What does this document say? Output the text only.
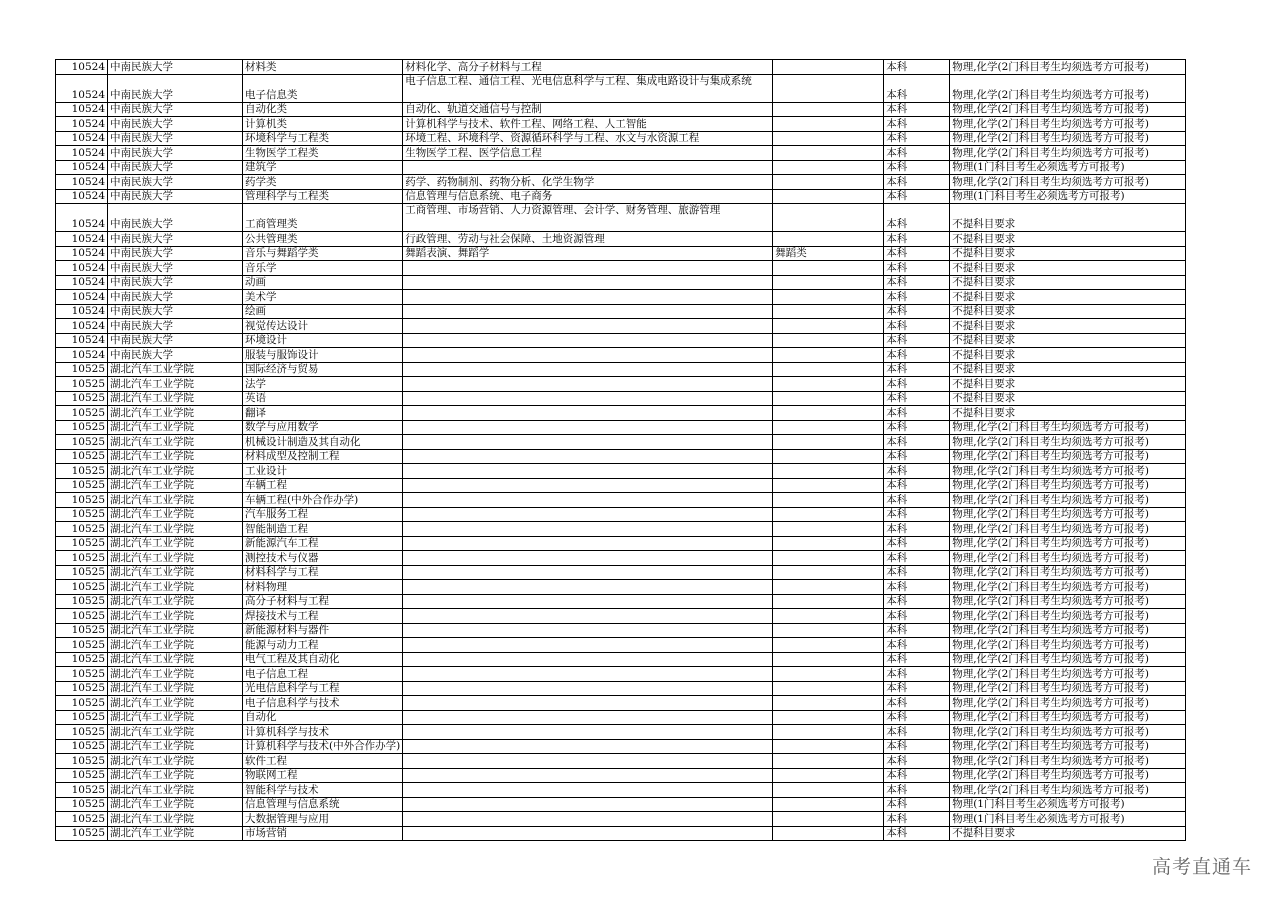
10524	中南民族大学	材料类	材料化学、高分子材料与工程		本科	物理,化学(2门科目考生均须选考方可报考)
10524	中南民族大学	电子信息类	电子信息工程、通信工程、光电信息科学与工程、集成电路设计与集成系统		本科	物理,化学(2门科目考生均须选考方可报考)
10524	中南民族大学	自动化类	自动化、轨道交通信号与控制		本科	物理,化学(2门科目考生均须选考方可报考)
10524	中南民族大学	计算机类	计算机科学与技术、软件工程、网络工程、人工智能		本科	物理,化学(2门科目考生均须选考方可报考)
10524	中南民族大学	环境科学与工程类	环境工程、环境科学、资源循环科学与工程、水文与水资源工程		本科	物理,化学(2门科目考生均须选考方可报考)
10524	中南民族大学	生物医学工程类	生物医学工程、医学信息工程		本科	物理,化学(2门科目考生均须选考方可报考)
10524	中南民族大学	建筑学			本科	物理(1门科目考生必须选考方可报考)
10524	中南民族大学	药学类	药学、药物制剂、药物分析、化学生物学		本科	物理,化学(2门科目考生均须选考方可报考)
10524	中南民族大学	管理科学与工程类	信息管理与信息系统、电子商务		本科	物理(1门科目考生必须选考方可报考)
10524	中南民族大学	工商管理类	工商管理、市场营销、人力资源管理、会计学、财务管理、旅游管理		本科	不提科目要求
10524	中南民族大学	公共管理类	行政管理、劳动与社会保障、土地资源管理		本科	不提科目要求
10524	中南民族大学	音乐与舞蹈学类	舞蹈表演、舞蹈学	舞蹈类	本科	不提科目要求
10524	中南民族大学	音乐学			本科	不提科目要求
10524	中南民族大学	动画			本科	不提科目要求
10524	中南民族大学	美术学			本科	不提科目要求
10524	中南民族大学	绘画			本科	不提科目要求
10524	中南民族大学	视觉传达设计			本科	不提科目要求
10524	中南民族大学	环境设计			本科	不提科目要求
10524	中南民族大学	服装与服饰设计			本科	不提科目要求
10525	湖北汽车工业学院	国际经济与贸易			本科	不提科目要求
10525	湖北汽车工业学院	法学			本科	不提科目要求
10525	湖北汽车工业学院	英语			本科	不提科目要求
10525	湖北汽车工业学院	翻译			本科	不提科目要求
10525	湖北汽车工业学院	数学与应用数学			本科	物理,化学(2门科目考生均须选考方可报考)
10525	湖北汽车工业学院	机械设计制造及其自动化			本科	物理,化学(2门科目考生均须选考方可报考)
10525	湖北汽车工业学院	材料成型及控制工程			本科	物理,化学(2门科目考生均须选考方可报考)
10525	湖北汽车工业学院	工业设计			本科	物理,化学(2门科目考生均须选考方可报考)
10525	湖北汽车工业学院	车辆工程			本科	物理,化学(2门科目考生均须选考方可报考)
10525	湖北汽车工业学院	车辆工程(中外合作办学)			本科	物理,化学(2门科目考生均须选考方可报考)
10525	湖北汽车工业学院	汽车服务工程			本科	物理,化学(2门科目考生均须选考方可报考)
10525	湖北汽车工业学院	智能制造工程			本科	物理,化学(2门科目考生均须选考方可报考)
10525	湖北汽车工业学院	新能源汽车工程			本科	物理,化学(2门科目考生均须选考方可报考)
10525	湖北汽车工业学院	测控技术与仪器			本科	物理,化学(2门科目考生均须选考方可报考)
10525	湖北汽车工业学院	材料科学与工程			本科	物理,化学(2门科目考生均须选考方可报考)
10525	湖北汽车工业学院	材料物理			本科	物理,化学(2门科目考生均须选考方可报考)
10525	湖北汽车工业学院	高分子材料与工程			本科	物理,化学(2门科目考生均须选考方可报考)
10525	湖北汽车工业学院	焊接技术与工程			本科	物理,化学(2门科目考生均须选考方可报考)
10525	湖北汽车工业学院	新能源材料与器件			本科	物理,化学(2门科目考生均须选考方可报考)
10525	湖北汽车工业学院	能源与动力工程			本科	物理,化学(2门科目考生均须选考方可报考)
10525	湖北汽车工业学院	电气工程及其自动化			本科	物理,化学(2门科目考生均须选考方可报考)
10525	湖北汽车工业学院	电子信息工程			本科	物理,化学(2门科目考生均须选考方可报考)
10525	湖北汽车工业学院	光电信息科学与工程			本科	物理,化学(2门科目考生均须选考方可报考)
10525	湖北汽车工业学院	电子信息科学与技术			本科	物理,化学(2门科目考生均须选考方可报考)
10525	湖北汽车工业学院	自动化			本科	物理,化学(2门科目考生均须选考方可报考)
10525	湖北汽车工业学院	计算机科学与技术			本科	物理,化学(2门科目考生均须选考方可报考)
10525	湖北汽车工业学院	计算机科学与技术(中外合作办学)			本科	物理,化学(2门科目考生均须选考方可报考)
10525	湖北汽车工业学院	软件工程			本科	物理,化学(2门科目考生均须选考方可报考)
10525	湖北汽车工业学院	物联网工程			本科	物理,化学(2门科目考生均须选考方可报考)
10525	湖北汽车工业学院	智能科学与技术			本科	物理,化学(2门科目考生均须选考方可报考)
10525	湖北汽车工业学院	信息管理与信息系统			本科	物理(1门科目考生必须选考方可报考)
10525	湖北汽车工业学院	大数据管理与应用			本科	物理(1门科目考生必须选考方可报考)
10525	湖北汽车工业学院	市场营销			本科	不提科目要求
高考直通车
